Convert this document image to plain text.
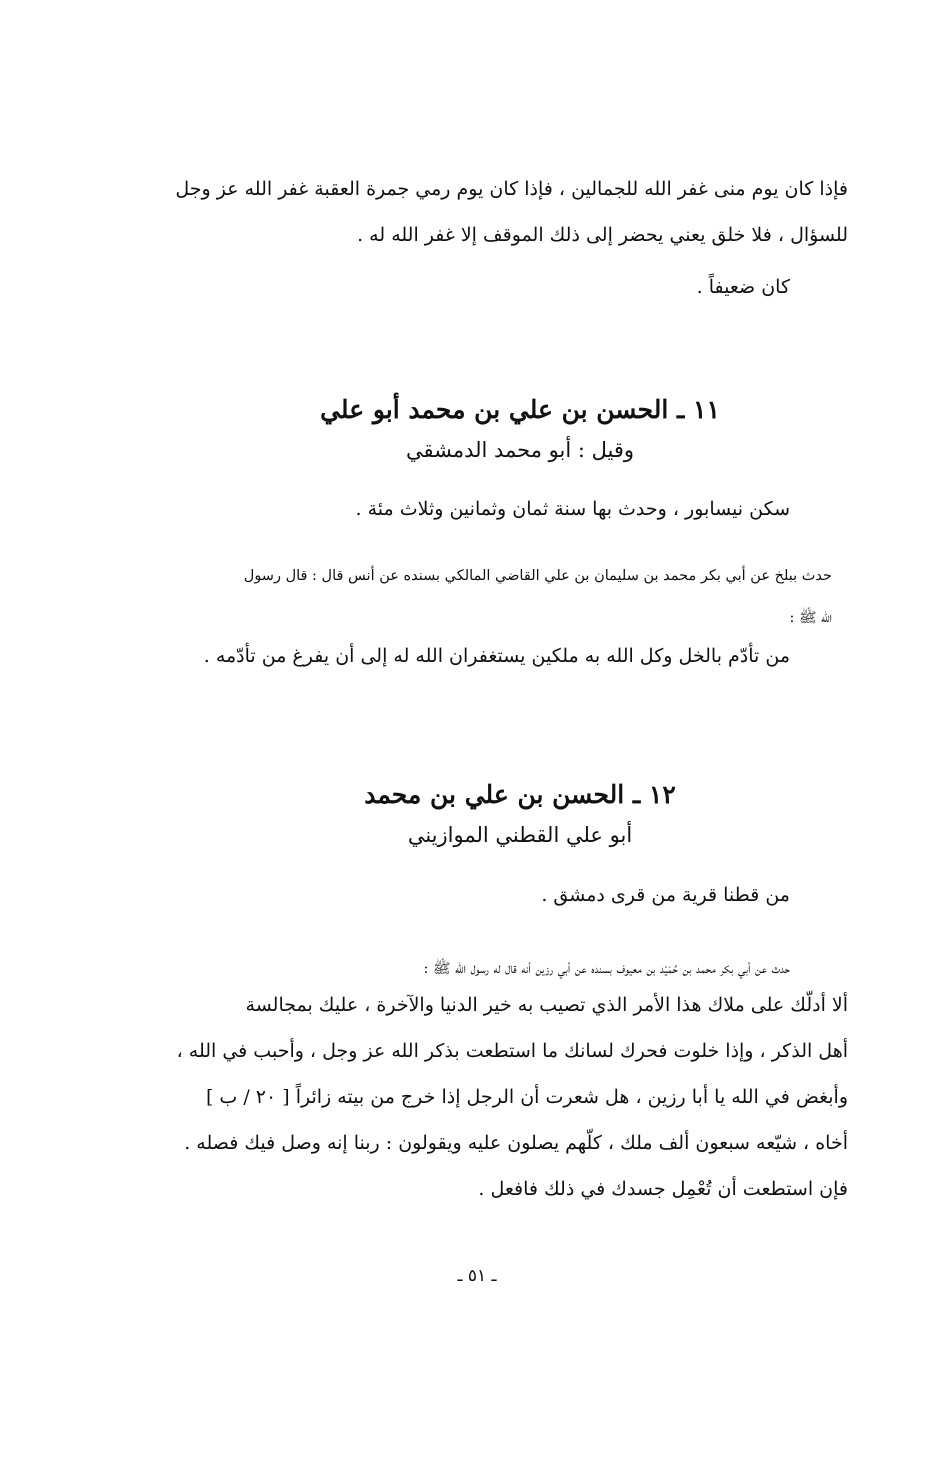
فإذا كان يوم منى غفر الله للجمالين ، فإذا كان يوم رمي جمرة العقبة غفر الله عز وجل
للسؤال ، فلا خلق يعني يحضر إلى ذلك الموقف إلا غفر الله له .
كان ضعيفاً .
١١ ـ الحسن بن علي بن محمد أبو علي
وقيل : أبو محمد الدمشقي
سكن نيسابور ، وحدث بها سنة ثمان وثمانين وثلاث مئة .
حدث ببلخ عن أبي بكر محمد بن سليمان بن علي القاضي المالكي بسنده عن أنس قال : قال رسول
الله ﷺ :
من تأدّم بالخل وكل الله به ملكين يستغفران الله له إلى أن يفرغ من تأدّمه .
١٢ ـ الحسن بن علي بن محمد
أبو علي القطني الموازيني
من قطنا قرية من قرى دمشق .
حدث عن أبي بكر محمد بن حُمَيْد بن معيوف بسنده عن أبي رزين أنه قال له رسول الله ﷺ :
ألا أدلّك على ملاك هذا الأمر الذي تصيب به خير الدنيا والآخرة ، عليك بمجالسة
أهل الذكر ، وإذا خلوت فحرك لسانك ما استطعت بذكر الله عز وجل ، وأحبب في الله ،
وأبغض في الله يا أبا رزين ، هل شعرت أن الرجل إذا خرج من بيته زائراً [ ٢٠ / ب ]
أخاه ، شيّعه سبعون ألف ملك ، كلّهم يصلون عليه ويقولون : ربنا إنه وصل فيك فصله .
فإن استطعت أن تُعْمِل جسدك في ذلك فافعل .
ـ ٥١ ـ
